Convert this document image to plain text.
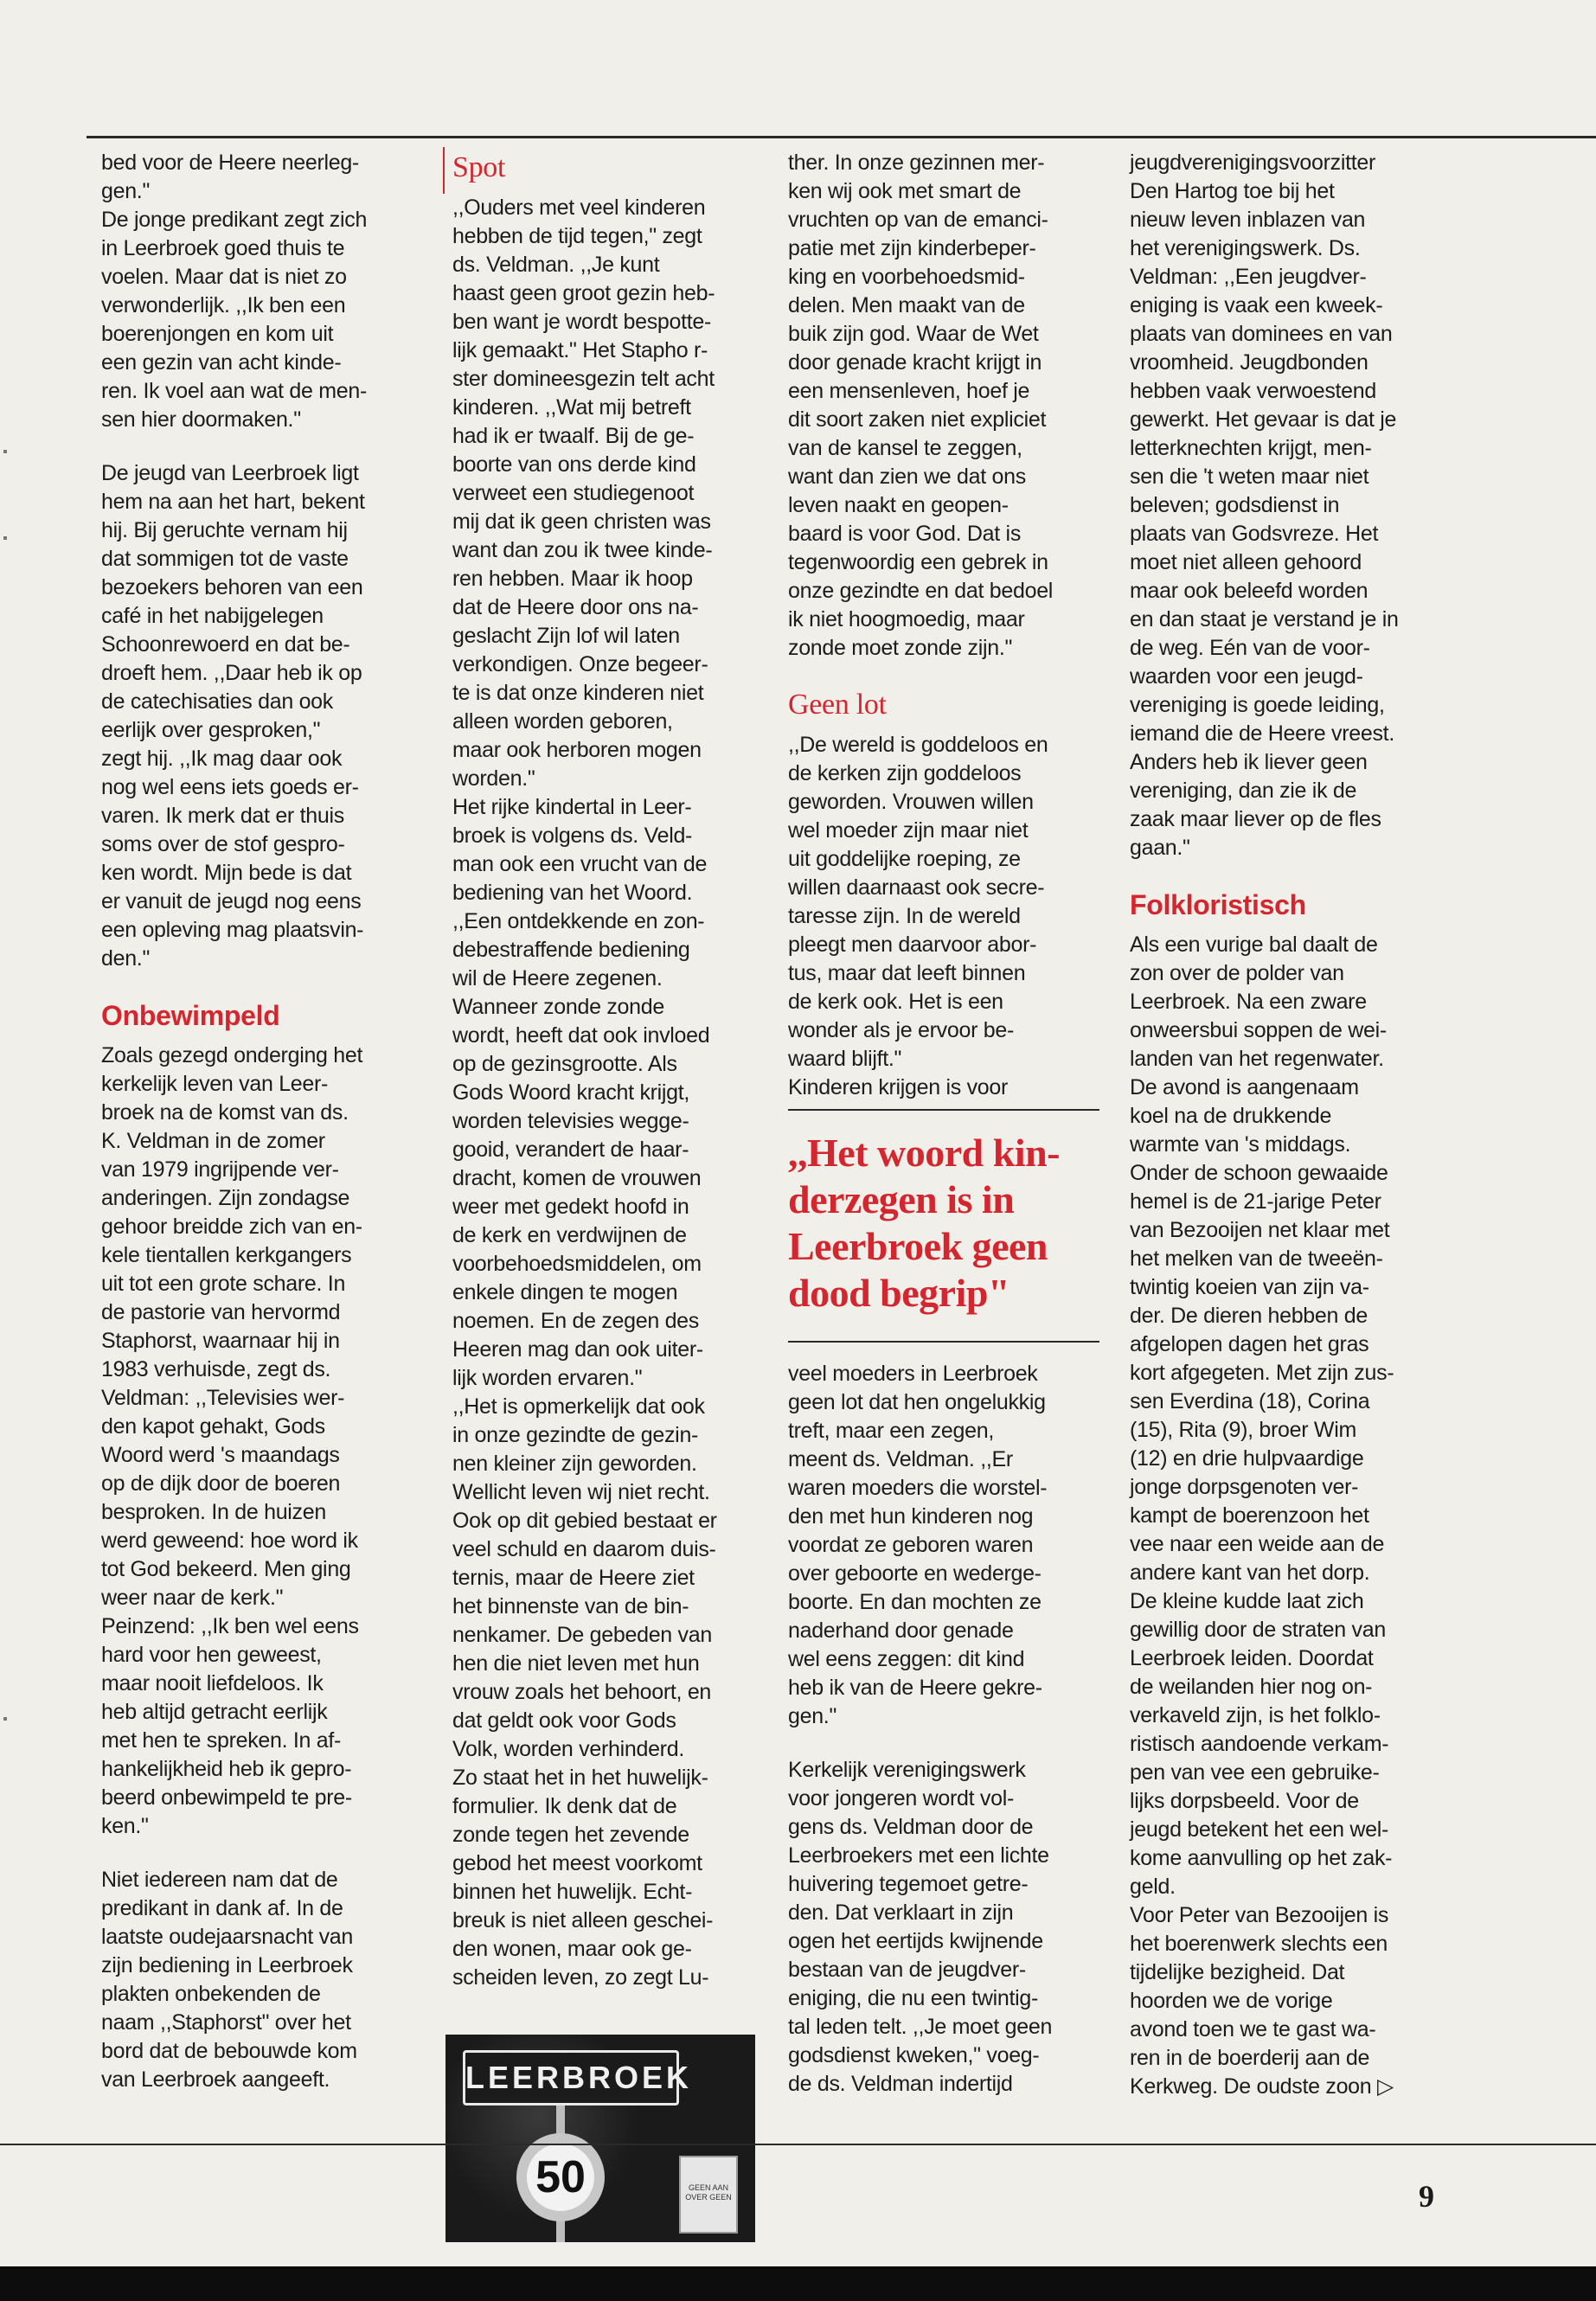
bed voor de Heere neerleg-
gen."
De jonge predikant zegt zich
in Leerbroek goed thuis te
voelen. Maar dat is niet zo
verwonderlijk. ,,Ik ben een
boerenjongen en kom uit
een gezin van acht kinde-
ren. Ik voel aan wat de men-
sen hier doormaken."

De jeugd van Leerbroek ligt
hem na aan het hart, bekent
hij. Bij geruchte vernam hij
dat sommigen tot de vaste
bezoekers behoren van een
café in het nabijgelegen
Schoonrewoerd en dat be-
droeft hem. ,,Daar heb ik op
de catechisaties dan ook
eerlijk over gesproken,"
zegt hij. ,,Ik mag daar ook
nog wel eens iets goeds er-
varen. Ik merk dat er thuis
soms over de stof gespro-
ken wordt. Mijn bede is dat
er vanuit de jeugd nog eens
een opleving mag plaatsvin-
den."

Onbewimpeld

Zoals gezegd onderging het
kerkelijk leven van Leer-
broek na de komst van ds.
K. Veldman in de zomer
van 1979 ingrijpende ver-
anderingen. Zijn zondagse
gehoor breidde zich van en-
kele tientallen kerkgangers
uit tot een grote schare. In
de pastorie van hervormd
Staphorst, waarnaar hij in
1983 verhuisde, zegt ds.
Veldman: ,,Televisies wer-
den kapot gehakt, Gods
Woord werd 's maandags
op de dijk door de boeren
besproken. In de huizen
werd geweend: hoe word ik
tot God bekeerd. Men ging
weer naar de kerk."
Peinzend: ,,Ik ben wel eens
hard voor hen geweest,
maar nooit liefdeloos. Ik
heb altijd getracht eerlijk
met hen te spreken. In af-
hankelijkheid heb ik gepro-
beerd onbewimpeld te pre-
ken."

Niet iedereen nam dat de
predikant in dank af. In de
laatste oudejaarsnacht van
zijn bediening in Leerbroek
plakten onbekenden de
naam ,,Staphorst" over het
bord dat de bebouwde kom
van Leerbroek aangeeft.

Spot

,,Ouders met veel kinderen
hebben de tijd tegen," zegt
ds. Veldman. ,,Je kunt
haast geen groot gezin heb-
ben want je wordt bespotte-
lijk gemaakt." Het Stapho r-
ster domineesgezin telt acht
kinderen. ,,Wat mij betreft
had ik er twaalf. Bij de ge-
boorte van ons derde kind
verweet een studiegenoot
mij dat ik geen christen was
want dan zou ik twee kinde-
ren hebben. Maar ik hoop
dat de Heere door ons na-
geslacht Zijn lof wil laten
verkondigen. Onze begeer-
te is dat onze kinderen niet
alleen worden geboren,
maar ook herboren mogen
worden."
Het rijke kindertal in Leer-
broek is volgens ds. Veld-
man ook een vrucht van de
bediening van het Woord.
,,Een ontdekkende en zon-
debestraffende bediening
wil de Heere zegenen.
Wanneer zonde zonde
wordt, heeft dat ook invloed
op de gezinsgrootte. Als
Gods Woord kracht krijgt,
worden televisies wegge-
gooid, verandert de haar-
dracht, komen de vrouwen
weer met gedekt hoofd in
de kerk en verdwijnen de
voorbehoedsmiddelen, om
enkele dingen te mogen
noemen. En de zegen des
Heeren mag dan ook uiter-
lijk worden ervaren."
,,Het is opmerkelijk dat ook
in onze gezindte de gezin-
nen kleiner zijn geworden.
Wellicht leven wij niet recht.
Ook op dit gebied bestaat er
veel schuld en daarom duis-
ternis, maar de Heere ziet
het binnenste van de bin-
nenkamer. De gebeden van
hen die niet leven met hun
vrouw zoals het behoort, en
dat geldt ook voor Gods
Volk, worden verhinderd.
Zo staat het in het huwelijk-
formulier. Ik denk dat de
zonde tegen het zevende
gebod het meest voorkomt
binnen het huwelijk. Echt-
breuk is niet alleen geschei-
den wonen, maar ook ge-
scheiden leven, zo zegt Lu-

LEERBROEK
50	GEEN AAN OVER GEEN

ther. In onze gezinnen mer-
ken wij ook met smart de
vruchten op van de emanci-
patie met zijn kinderbeper-
king en voorbehoedsmid-
delen. Men maakt van de
buik zijn god. Waar de Wet
door genade kracht krijgt in
een mensenleven, hoef je
dit soort zaken niet expliciet
van de kansel te zeggen,
want dan zien we dat ons
leven naakt en geopen-
baard is voor God. Dat is
tegenwoordig een gebrek in
onze gezindte en dat bedoel
ik niet hoogmoedig, maar
zonde moet zonde zijn."

Geen lot

,,De wereld is goddeloos en
de kerken zijn goddeloos
geworden. Vrouwen willen
wel moeder zijn maar niet
uit goddelijke roeping, ze
willen daarnaast ook secre-
taresse zijn. In de wereld
pleegt men daarvoor abor-
tus, maar dat leeft binnen
de kerk ook. Het is een
wonder als je ervoor be-
waard blijft."
Kinderen krijgen is voor

,,Het woord kin-
derzegen is in
Leerbroek geen
dood begrip"

veel moeders in Leerbroek
geen lot dat hen ongelukkig
treft, maar een zegen,
meent ds. Veldman. ,,Er
waren moeders die worstel-
den met hun kinderen nog
voordat ze geboren waren
over geboorte en wederge-
boorte. En dan mochten ze
naderhand door genade
wel eens zeggen: dit kind
heb ik van de Heere gekre-
gen."

Kerkelijk verenigingswerk
voor jongeren wordt vol-
gens ds. Veldman door de
Leerbroekers met een lichte
huivering tegemoet getre-
den. Dat verklaart in zijn
ogen het eertijds kwijnende
bestaan van de jeugdver-
eniging, die nu een twintig-
tal leden telt. ,,Je moet geen
godsdienst kweken," voeg-
de ds. Veldman indertijd

jeugdverenigingsvoorzitter
Den Hartog toe bij het
nieuw leven inblazen van
het verenigingswerk. Ds.
Veldman: ,,Een jeugdver-
eniging is vaak een kweek-
plaats van dominees en van
vroomheid. Jeugdbonden
hebben vaak verwoestend
gewerkt. Het gevaar is dat je
letterknechten krijgt, men-
sen die 't weten maar niet
beleven; godsdienst in
plaats van Godsvreze. Het
moet niet alleen gehoord
maar ook beleefd worden
en dan staat je verstand je in
de weg. Eén van de voor-
waarden voor een jeugd-
vereniging is goede leiding,
iemand die de Heere vreest.
Anders heb ik liever geen
vereniging, dan zie ik de
zaak maar liever op de fles
gaan."

Folkloristisch

Als een vurige bal daalt de
zon over de polder van
Leerbroek. Na een zware
onweersbui soppen de wei-
landen van het regenwater.
De avond is aangenaam
koel na de drukkende
warmte van 's middags.
Onder de schoon gewaaide
hemel is de 21-jarige Peter
van Bezooijen net klaar met
het melken van de tweeën-
twintig koeien van zijn va-
der. De dieren hebben de
afgelopen dagen het gras
kort afgegeten. Met zijn zus-
sen Everdina (18), Corina
(15), Rita (9), broer Wim
(12) en drie hulpvaardige
jonge dorpsgenoten ver-
kampt de boerenzoon het
vee naar een weide aan de
andere kant van het dorp.
De kleine kudde laat zich
gewillig door de straten van
Leerbroek leiden. Doordat
de weilanden hier nog on-
verkaveld zijn, is het folklo-
ristisch aandoende verkam-
pen van vee een gebruike-
lijks dorpsbeeld. Voor de
jeugd betekent het een wel-
kome aanvulling op het zak-
geld.
Voor Peter van Bezooijen is
het boerenwerk slechts een
tijdelijke bezigheid. Dat
hoorden we de vorige
avond toen we te gast wa-
ren in de boerderij aan de
Kerkweg. De oudste zoon ▷

9
